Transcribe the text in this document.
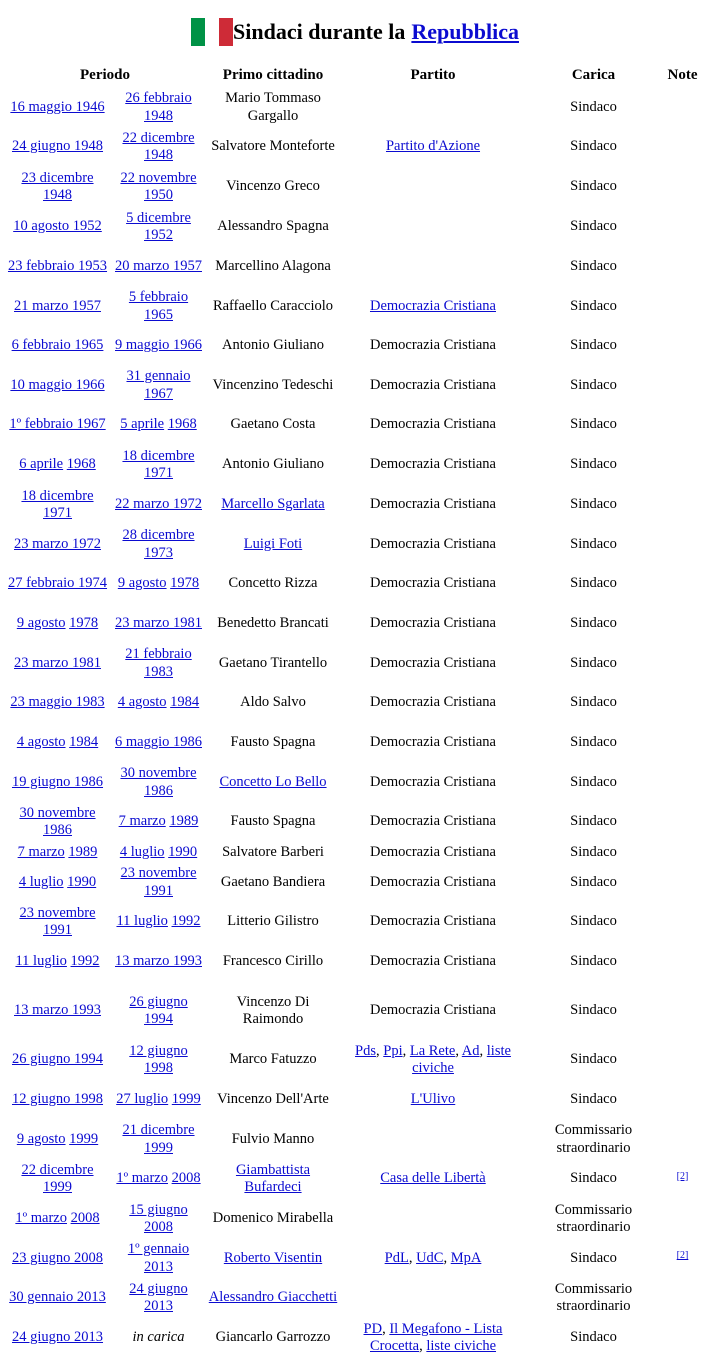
Sindaci durante la Repubblica
Periodo		Primo cittadino	Partito	Carica	Note
16 maggio 1946	26 febbraio 1948	Mario Tommaso Gargallo		Sindaco	
24 giugno 1948	22 dicembre 1948	Salvatore Monteforte	Partito d'Azione	Sindaco	
23 dicembre 1948	22 novembre 1950	Vincenzo Greco		Sindaco	
10 agosto 1952	5 dicembre 1952	Alessandro Spagna		Sindaco	
23 febbraio 1953	20 marzo 1957	Marcellino Alagona		Sindaco	
21 marzo 1957	5 febbraio 1965	Raffaello Caracciolo	Democrazia Cristiana	Sindaco	
6 febbraio 1965	9 maggio 1966	Antonio Giuliano	Democrazia Cristiana	Sindaco	
10 maggio 1966	31 gennaio 1967	Vincenzino Tedeschi	Democrazia Cristiana	Sindaco	
1º febbraio 1967	5 aprile 1968	Gaetano Costa	Democrazia Cristiana	Sindaco	
6 aprile 1968	18 dicembre 1971	Antonio Giuliano	Democrazia Cristiana	Sindaco	
18 dicembre 1971	22 marzo 1972	Marcello Sgarlata	Democrazia Cristiana	Sindaco	
23 marzo 1972	28 dicembre 1973	Luigi Foti	Democrazia Cristiana	Sindaco	
27 febbraio 1974	9 agosto 1978	Concetto Rizza	Democrazia Cristiana	Sindaco	
9 agosto 1978	23 marzo 1981	Benedetto Brancati	Democrazia Cristiana	Sindaco	
23 marzo 1981	21 febbraio 1983	Gaetano Tirantello	Democrazia Cristiana	Sindaco	
23 maggio 1983	4 agosto 1984	Aldo Salvo	Democrazia Cristiana	Sindaco	
4 agosto 1984	6 maggio 1986	Fausto Spagna	Democrazia Cristiana	Sindaco	
19 giugno 1986	30 novembre 1986	Concetto Lo Bello	Democrazia Cristiana	Sindaco	
30 novembre 1986	7 marzo 1989	Fausto Spagna	Democrazia Cristiana	Sindaco	
7 marzo 1989	4 luglio 1990	Salvatore Barberi	Democrazia Cristiana	Sindaco	
4 luglio 1990	23 novembre 1991	Gaetano Bandiera	Democrazia Cristiana	Sindaco	
23 novembre 1991	11 luglio 1992	Litterio Gilistro	Democrazia Cristiana	Sindaco	
11 luglio 1992	13 marzo 1993	Francesco Cirillo	Democrazia Cristiana	Sindaco	
13 marzo 1993	26 giugno 1994	Vincenzo Di Raimondo	Democrazia Cristiana	Sindaco	
26 giugno 1994	12 giugno 1998	Marco Fatuzzo	Pds, Ppi, La Rete, Ad, liste civiche	Sindaco	
12 giugno 1998	27 luglio 1999	Vincenzo Dell'Arte	L'Ulivo	Sindaco	
9 agosto 1999	21 dicembre 1999	Fulvio Manno		Commissario straordinario	
22 dicembre 1999	1º marzo 2008	Giambattista Bufardeci	Casa delle Libertà	Sindaco	[2]
1º marzo 2008	15 giugno 2008	Domenico Mirabella		Commissario straordinario	
23 giugno 2008	1º gennaio 2013	Roberto Visentin	PdL, UdC, MpA	Sindaco	[2]
30 gennaio 2013	24 giugno 2013	Alessandro Giacchetti		Commissario straordinario	
24 giugno 2013	in carica	Giancarlo Garrozzo	PD, Il Megafono - Lista Crocetta, liste civiche	Sindaco	
